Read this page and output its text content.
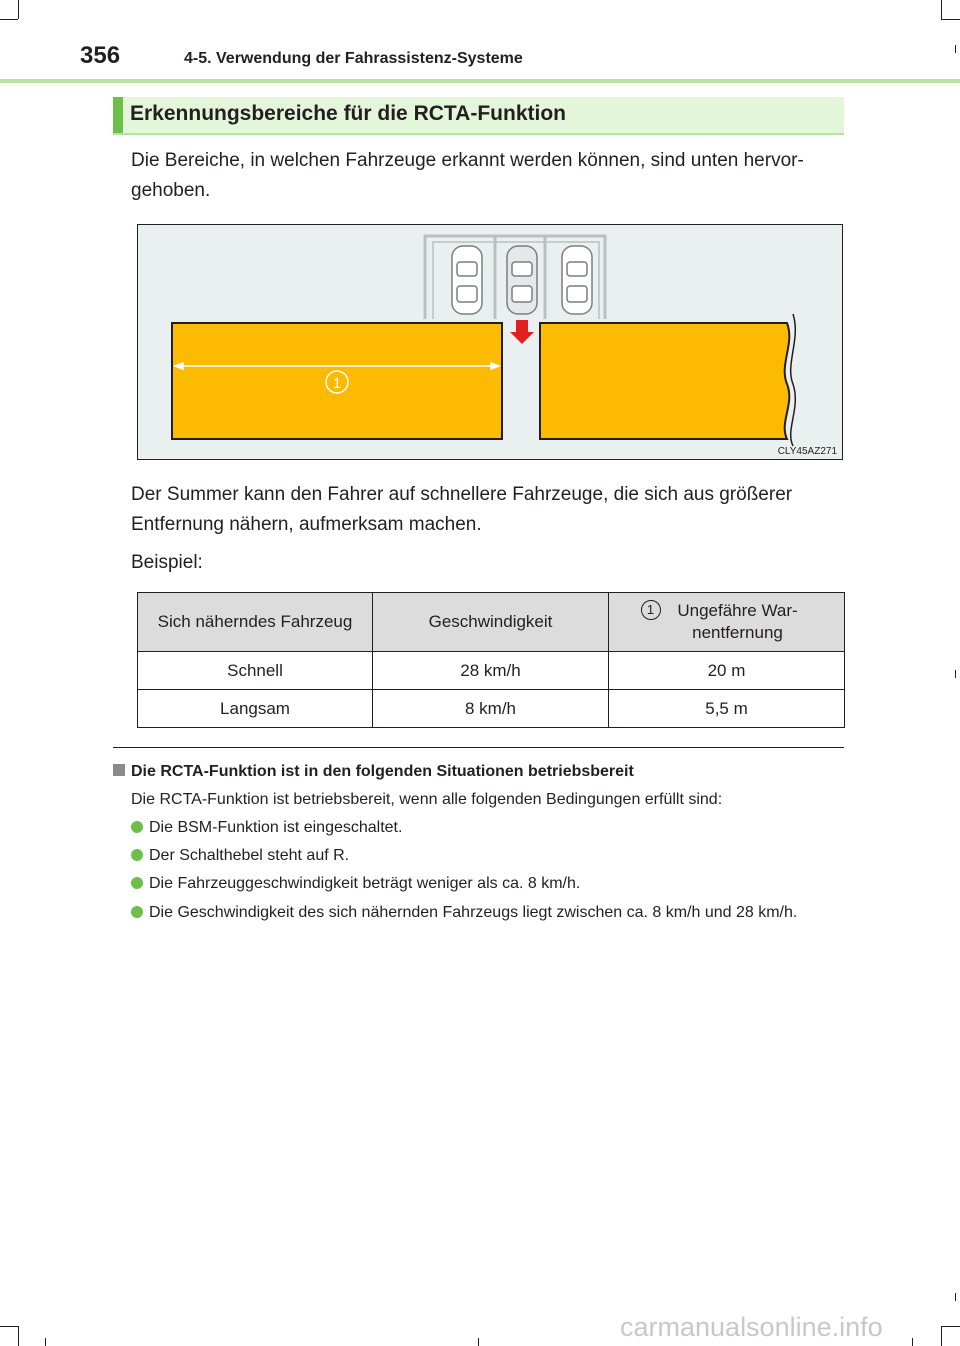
356	4-5. Verwendung der Fahrassistenz-Systeme
Erkennungsbereiche für die RCTA-Funktion
Die Bereiche, in welchen Fahrzeuge erkannt werden können, sind unten hervor-gehoben.
1
CLY45AZ271
Der Summer kann den Fahrer auf schnellere Fahrzeuge, die sich aus größerer Entfernung nähern, aufmerksam machen.
Beispiel:
Sich näherndes Fahrzeug	Geschwindigkeit	1 Ungefähre War-nentfernung
Schnell	28 km/h	20 m
Langsam	8 km/h	5,5 m
Die RCTA-Funktion ist in den folgenden Situationen betriebsbereit
Die RCTA-Funktion ist betriebsbereit, wenn alle folgenden Bedingungen erfüllt sind:
Die BSM-Funktion ist eingeschaltet.
Der Schalthebel steht auf R.
Die Fahrzeuggeschwindigkeit beträgt weniger als ca. 8 km/h.
Die Geschwindigkeit des sich nähernden Fahrzeugs liegt zwischen ca. 8 km/h und 28 km/h.
carmanualsonline.info
